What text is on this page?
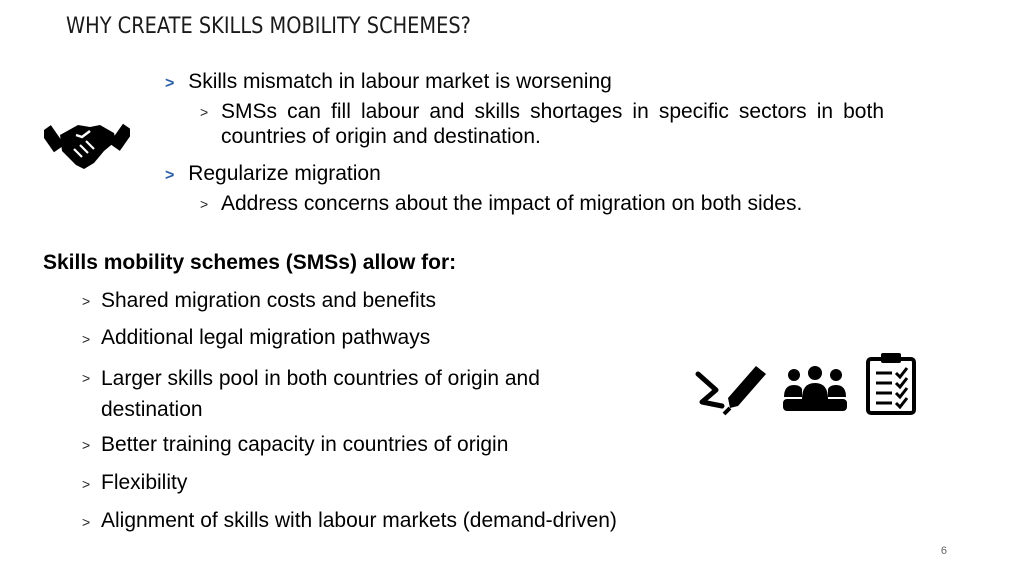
WHY CREATE SKILLS MOBILITY SCHEMES?
> Skills mismatch in labour market is worsening
> SMSs can fill labour and skills shortages in specific sectors in both countries of origin and destination.
> Regularize migration
> Address concerns about the impact of migration on both sides.
Skills mobility schemes (SMSs) allow for:
> Shared migration costs and benefits
> Additional legal migration pathways
> Larger skills pool in both countries of origin and destination
> Better training capacity in countries of origin
> Flexibility
> Alignment of skills with labour markets (demand-driven)
6
